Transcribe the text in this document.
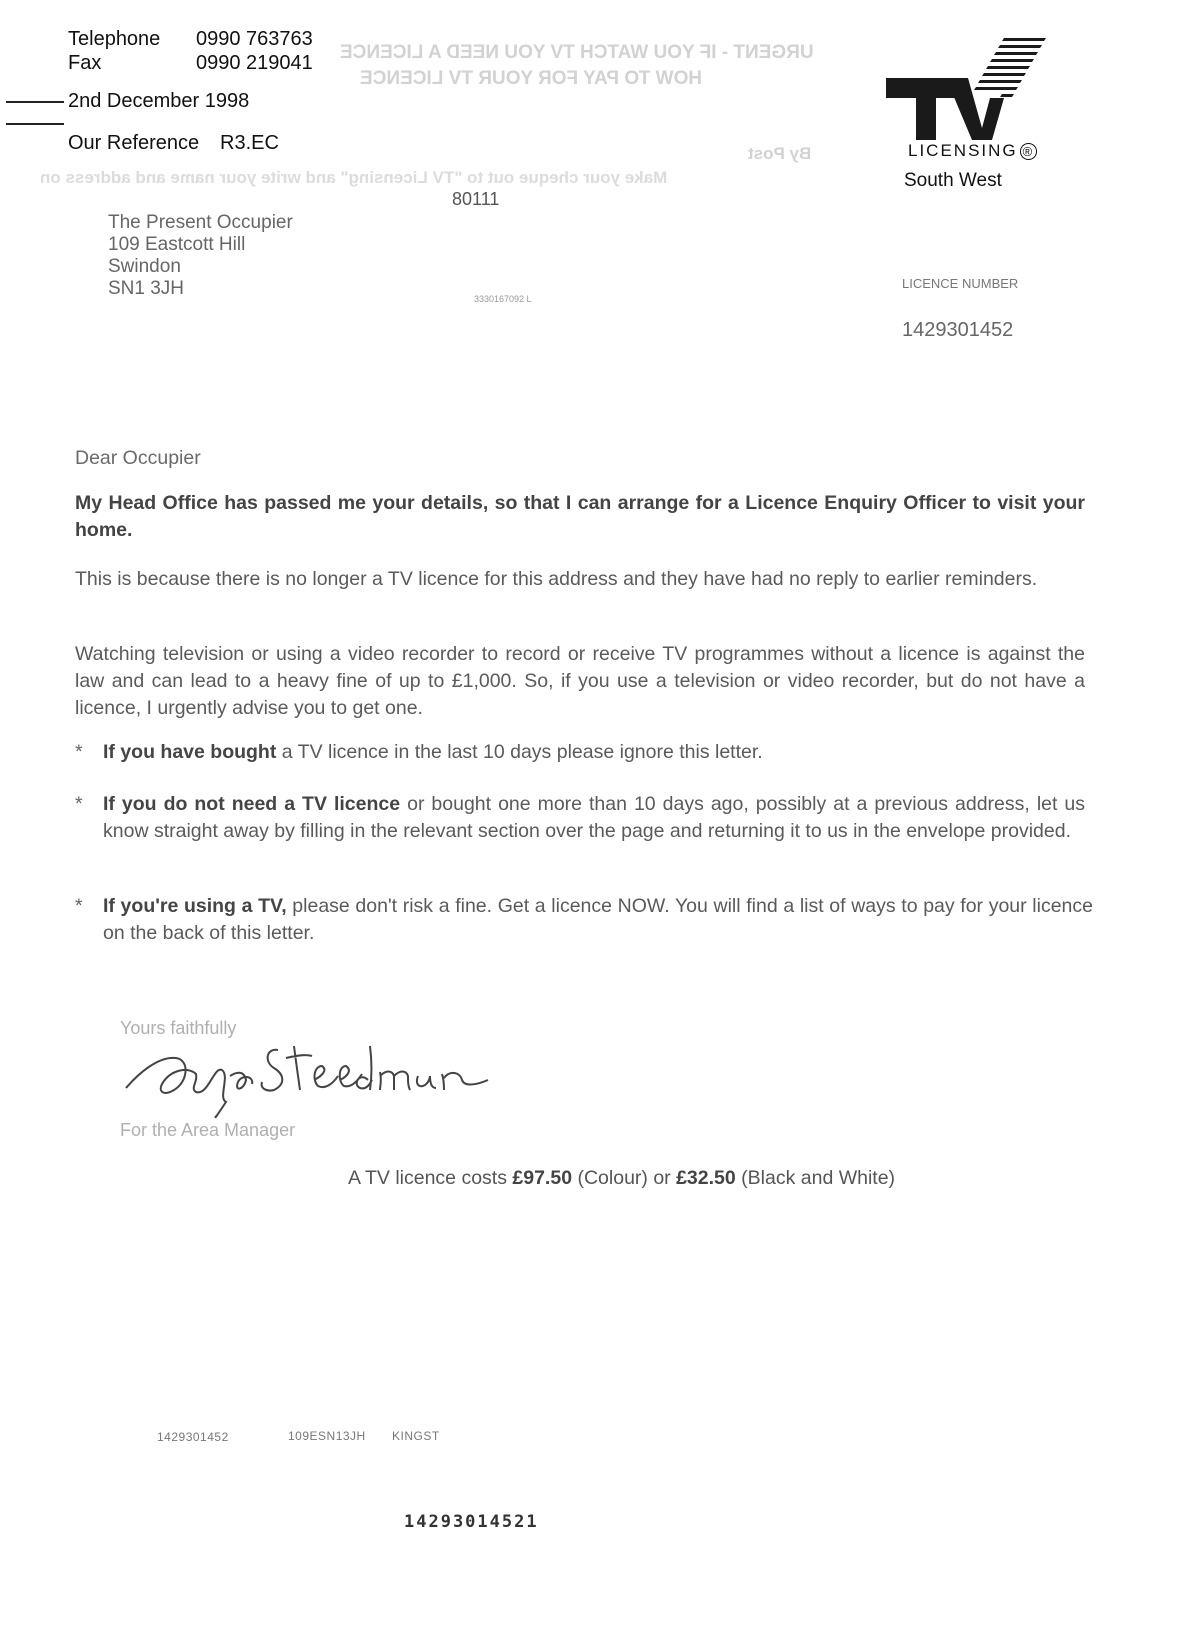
Telephone 0990 763763
Fax	0990 219041
2nd December 1998
Our Reference R3.EC
URGENT - IF YOU WATCH TV YOU NEED A LICENCE
HOW TO PAY FOR YOUR TV LICENCE
By Post
Make your cheque out to "TV Licensing" and write your name and address on
LICENSING ®
South West
80111
The Present Occupier
109 Eastcott Hill
Swindon
SN1 3JH	3330167092 L
LICENCE NUMBER
1429301452
Dear Occupier
My Head Office has passed me your details, so that I can arrange for a Licence Enquiry Officer to visit your home.
This is because there is no longer a TV licence for this address and they have had no reply to earlier reminders.
Watching television or using a video recorder to record or receive TV programmes without a licence is against the law and can lead to a heavy fine of up to £1,000. So, if you use a television or video recorder, but do not have a licence, I urgently advise you to get one.
* If you have bought a TV licence in the last 10 days please ignore this letter.
* If you do not need a TV licence or bought one more than 10 days ago, possibly at a previous address, let us know straight away by filling in the relevant section over the page and returning it to us in the envelope provided.
* If you're using a TV, please don't risk a fine. Get a licence NOW. You will find a list of ways to pay for your licence on the back of this letter.
Yours faithfully
For the Area Manager
A TV licence costs £97.50 (Colour) or £32.50 (Black and White)
1429301452	109ESN13JH KINGST
14293014521
